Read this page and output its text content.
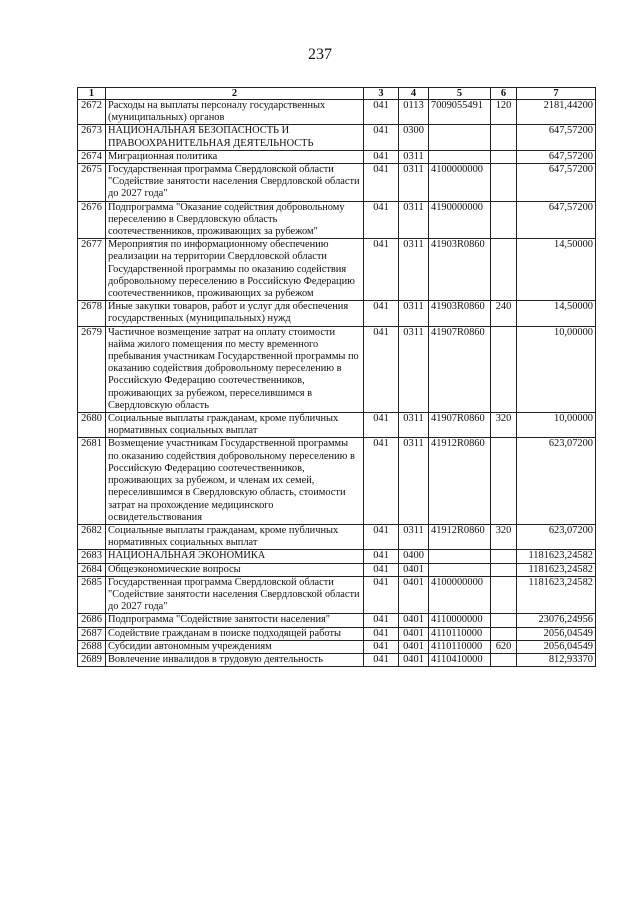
237
1	2	3	4	5	6	7
2672	Расходы на выплаты персоналу государственных (муниципальных) органов	041	0113	7009055491	120	2181,44200
2673	НАЦИОНАЛЬНАЯ БЕЗОПАСНОСТЬ И ПРАВООХРАНИТЕЛЬНАЯ ДЕЯТЕЛЬНОСТЬ	041	0300			647,57200
2674	Миграционная политика	041	0311			647,57200
2675	Государственная программа Свердловской области "Содействие занятости населения Свердловской области до 2027 года"	041	0311	4100000000		647,57200
2676	Подпрограмма "Оказание содействия добровольному переселению в Свердловскую область соотечественников, проживающих за рубежом"	041	0311	4190000000		647,57200
2677	Мероприятия по информационному обеспечению реализации на территории Свердловской области Государственной программы по оказанию содействия добровольному переселению в Российскую Федерацию соотечественников, проживающих за рубежом	041	0311	41903R0860		14,50000
2678	Иные закупки товаров, работ и услуг для обеспечения государственных (муниципальных) нужд	041	0311	41903R0860	240	14,50000
2679	Частичное возмещение затрат на оплату стоимости найма жилого помещения по месту временного пребывания участникам Государственной программы по оказанию содействия добровольному переселению в Российскую Федерацию соотечественников, проживающих за рубежом, переселившимся в Свердловскую область	041	0311	41907R0860		10,00000
2680	Социальные выплаты гражданам, кроме публичных нормативных социальных выплат	041	0311	41907R0860	320	10,00000
2681	Возмещение участникам Государственной программы по оказанию содействия добровольному переселению в Российскую Федерацию соотечественников, проживающих за рубежом, и членам их семей, переселившимся в Свердловскую область, стоимости затрат на прохождение медицинского освидетельствования	041	0311	41912R0860		623,07200
2682	Социальные выплаты гражданам, кроме публичных нормативных социальных выплат	041	0311	41912R0860	320	623,07200
2683	НАЦИОНАЛЬНАЯ ЭКОНОМИКА	041	0400			1181623,24582
2684	Общеэкономические вопросы	041	0401			1181623,24582
2685	Государственная программа Свердловской области "Содействие занятости населения Свердловской области до 2027 года"	041	0401	4100000000		1181623,24582
2686	Подпрограмма "Содействие занятости населения"	041	0401	4110000000		23076,24956
2687	Содействие гражданам в поиске подходящей работы	041	0401	4110110000		2056,04549
2688	Субсидии автономным учреждениям	041	0401	4110110000	620	2056,04549
2689	Вовлечение инвалидов в трудовую деятельность	041	0401	4110410000		812,93370
